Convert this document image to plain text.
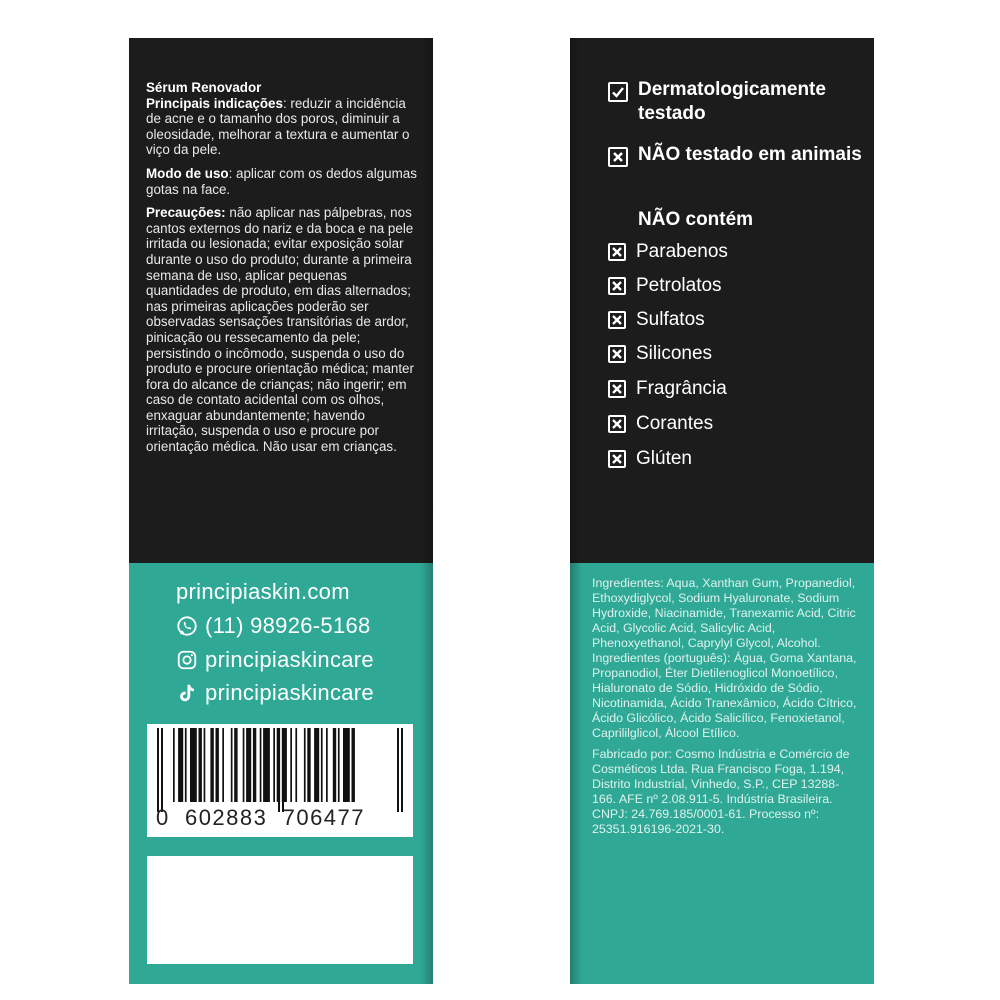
Sérum Renovador
Principais indicações: reduzir a incidência de acne e o tamanho dos poros, diminuir a oleosidade, melhorar a textura e aumentar o viço da pele.

Modo de uso: aplicar com os dedos algumas gotas na face.

Precauções: não aplicar nas pálpebras, nos cantos externos do nariz e da boca e na pele irritada ou lesionada; evitar exposição solar durante o uso do produto; durante a primeira semana de uso, aplicar pequenas quantidades de produto, em dias alternados; nas primeiras aplicações poderão ser observadas sensações transitórias de ardor, pinicação ou ressecamento da pele; persistindo o incômodo, suspenda o uso do produto e procure orientação médica; manter fora do alcance de crianças; não ingerir; em caso de contato acidental com os olhos, enxaguar abundantemente; havendo irritação, suspenda o uso e procure por orientação médica. Não usar em crianças.

principiaskin.com
(11) 98926-5168
principiaskincare
principiaskincare
0  602883  706477
Dermatologicamente testado
NÃO testado em animais
NÃO contém
Parabenos
Petrolatos
Sulfatos
Silicones
Fragrância
Corantes
Glúten

Ingredientes: Aqua, Xanthan Gum, Propanediol, Ethoxydiglycol, Sodium Hyaluronate, Sodium Hydroxide, Niacinamide, Tranexamic Acid, Citric Acid, Glycolic Acid, Salicylic Acid, Phenoxyethanol, Caprylyl Glycol, Alcohol. Ingredientes (português): Água, Goma Xantana, Propanodiol, Éter Dietilenoglicol Monoetílico, Hialuronato de Sódio, Hidróxido de Sódio, Nicotinamida, Ácido Tranexâmico, Ácido Cítrico, Ácido Glicólico, Ácido Salicílico, Fenoxietanol, Caprililglicol, Álcool Etílico.

Fabricado por: Cosmo Indústria e Comércio de Cosméticos Ltda. Rua Francisco Foga, 1.194, Distrito Industrial, Vinhedo, S.P., CEP 13288-166. AFE nº 2.08.911-5. Indústria Brasileira. CNPJ: 24.769.185/0001-61. Processo nº: 25351.916196-2021-30.
